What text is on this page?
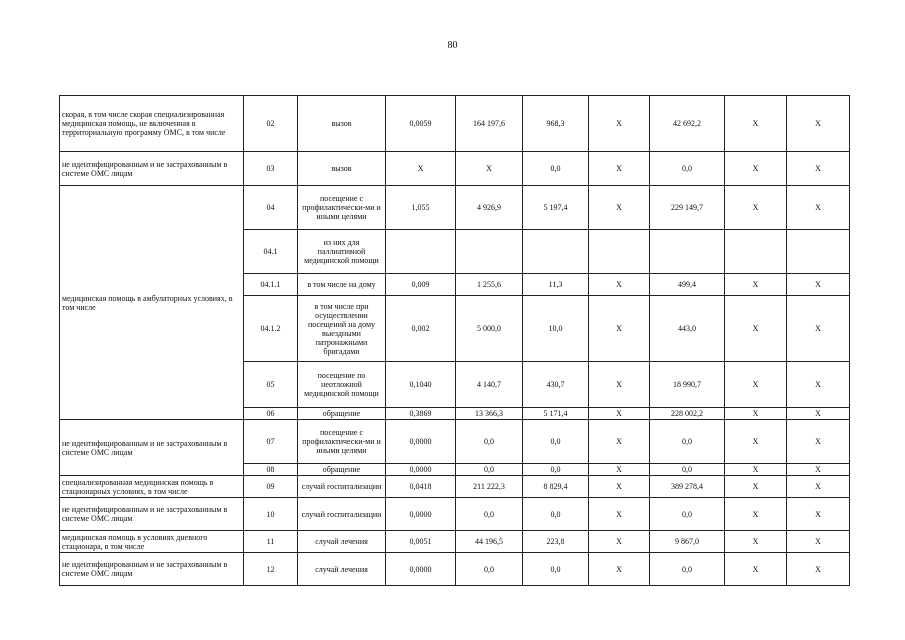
80
скорая, в том числе скорая специализированная медицинская помощь, не включенная в территориальную программу ОМС, в том числе	02	вызов	0,0059	164 197,6	968,3	X	42 692,2	X	X
не идентифицированным и не застрахованным в системе ОМС лицам	03	вызов	X	X	0,0	X	0,0	X	X
медицинская помощь в амбулаторных условиях, в том числе	04	посещение с профилактически-ми и иными целями	1,055	4 926,9	5 197,4	X	229 149,7	X	X
	04.1	из них для паллиативной медицинской помощи							
	04.1.1	в том числе на дому	0,009	1 255,6	11,3	X	499,4	X	X
	04.1.2	в том числе при осуществлении посещений на дому выездными патронажными бригадами	0,002	5 000,0	10,0	X	443,0	X	X
	05	посещение по неотложной медицинской помощи	0,1040	4 140,7	430,7	X	18 990,7	X	X
	06	обращение	0,3869	13 366,3	5 171,4	X	228 002,2	X	X
не идентифицированным и не застрахованным в системе ОМС лицам	07	посещение с профилактически-ми и иными целями	0,0000	0,0	0,0	X	0,0	X	X
	08	обращение	0,0000	0,0	0,0	X	0,0	X	X
специализированная медицинская помощь в стационарных условиях, в том числе	09	случай госпитализации	0,0418	211 222,3	8 829,4	X	389 278,4	X	X
не идентифицированным и не застрахованным в системе ОМС лицам	10	случай госпитализации	0,0000	0,0	0,0	X	0,0	X	X
медицинская помощь в условиях дневного стационара, в том числе	11	случай лечения	0,0051	44 196,5	223,8	X	9 867,0	X	X
не идентифицированным и не застрахованным в системе ОМС лицам	12	случай лечения	0,0000	0,0	0,0	X	0,0	X	X
